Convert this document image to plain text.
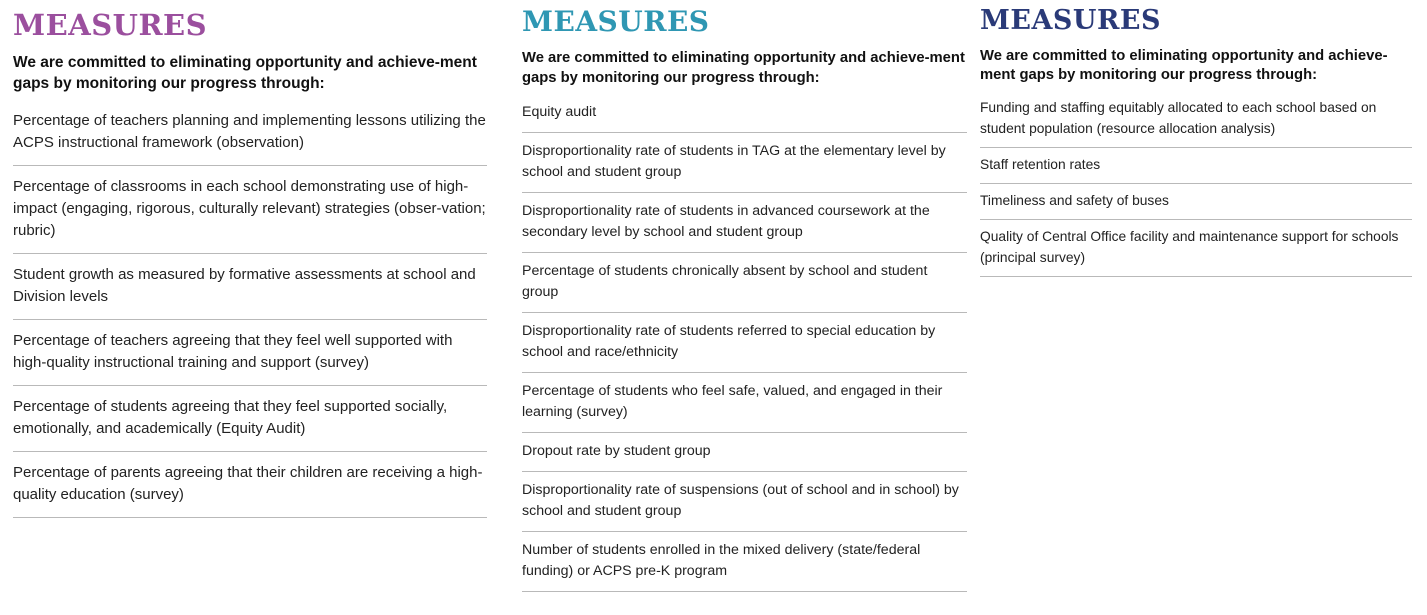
MEASURES
We are committed to eliminating opportunity and achieve-ment gaps by monitoring our progress through:
Percentage of teachers planning and implementing lessons utilizing the ACPS instructional framework (observation)
Percentage of classrooms in each school demonstrating use of high-impact (engaging, rigorous, culturally relevant) strategies (obser-vation; rubric)
Student growth as measured by formative assessments at school and Division levels
Percentage of teachers agreeing that they feel well supported with high-quality instructional training and support (survey)
Percentage of students agreeing that they feel supported socially, emotionally, and academically (Equity Audit)
Percentage of parents agreeing that their children are receiving a high-quality education (survey)
MEASURES
We are committed to eliminating opportunity and achieve-ment gaps by monitoring our progress through:
Equity audit
Disproportionality rate of students in TAG at the elementary level by school and student group
Disproportionality rate of students in advanced coursework at the secondary level by school and student group
Percentage of students chronically absent by school and student group
Disproportionality rate of students referred to special education by school and race/ethnicity
Percentage of students who feel safe, valued, and engaged in their learning (survey)
Dropout rate by student group
Disproportionality rate of suspensions (out of school and in school) by school and student group
Number of students enrolled in the mixed delivery (state/federal funding) or ACPS pre-K program
MEASURES
We are committed to eliminating opportunity and achieve-ment gaps by monitoring our progress through:
Funding and staffing equitably allocated to each school based on student population (resource allocation analysis)
Staff retention rates
Timeliness and safety of buses
Quality of Central Office facility and maintenance support for schools (principal survey)
